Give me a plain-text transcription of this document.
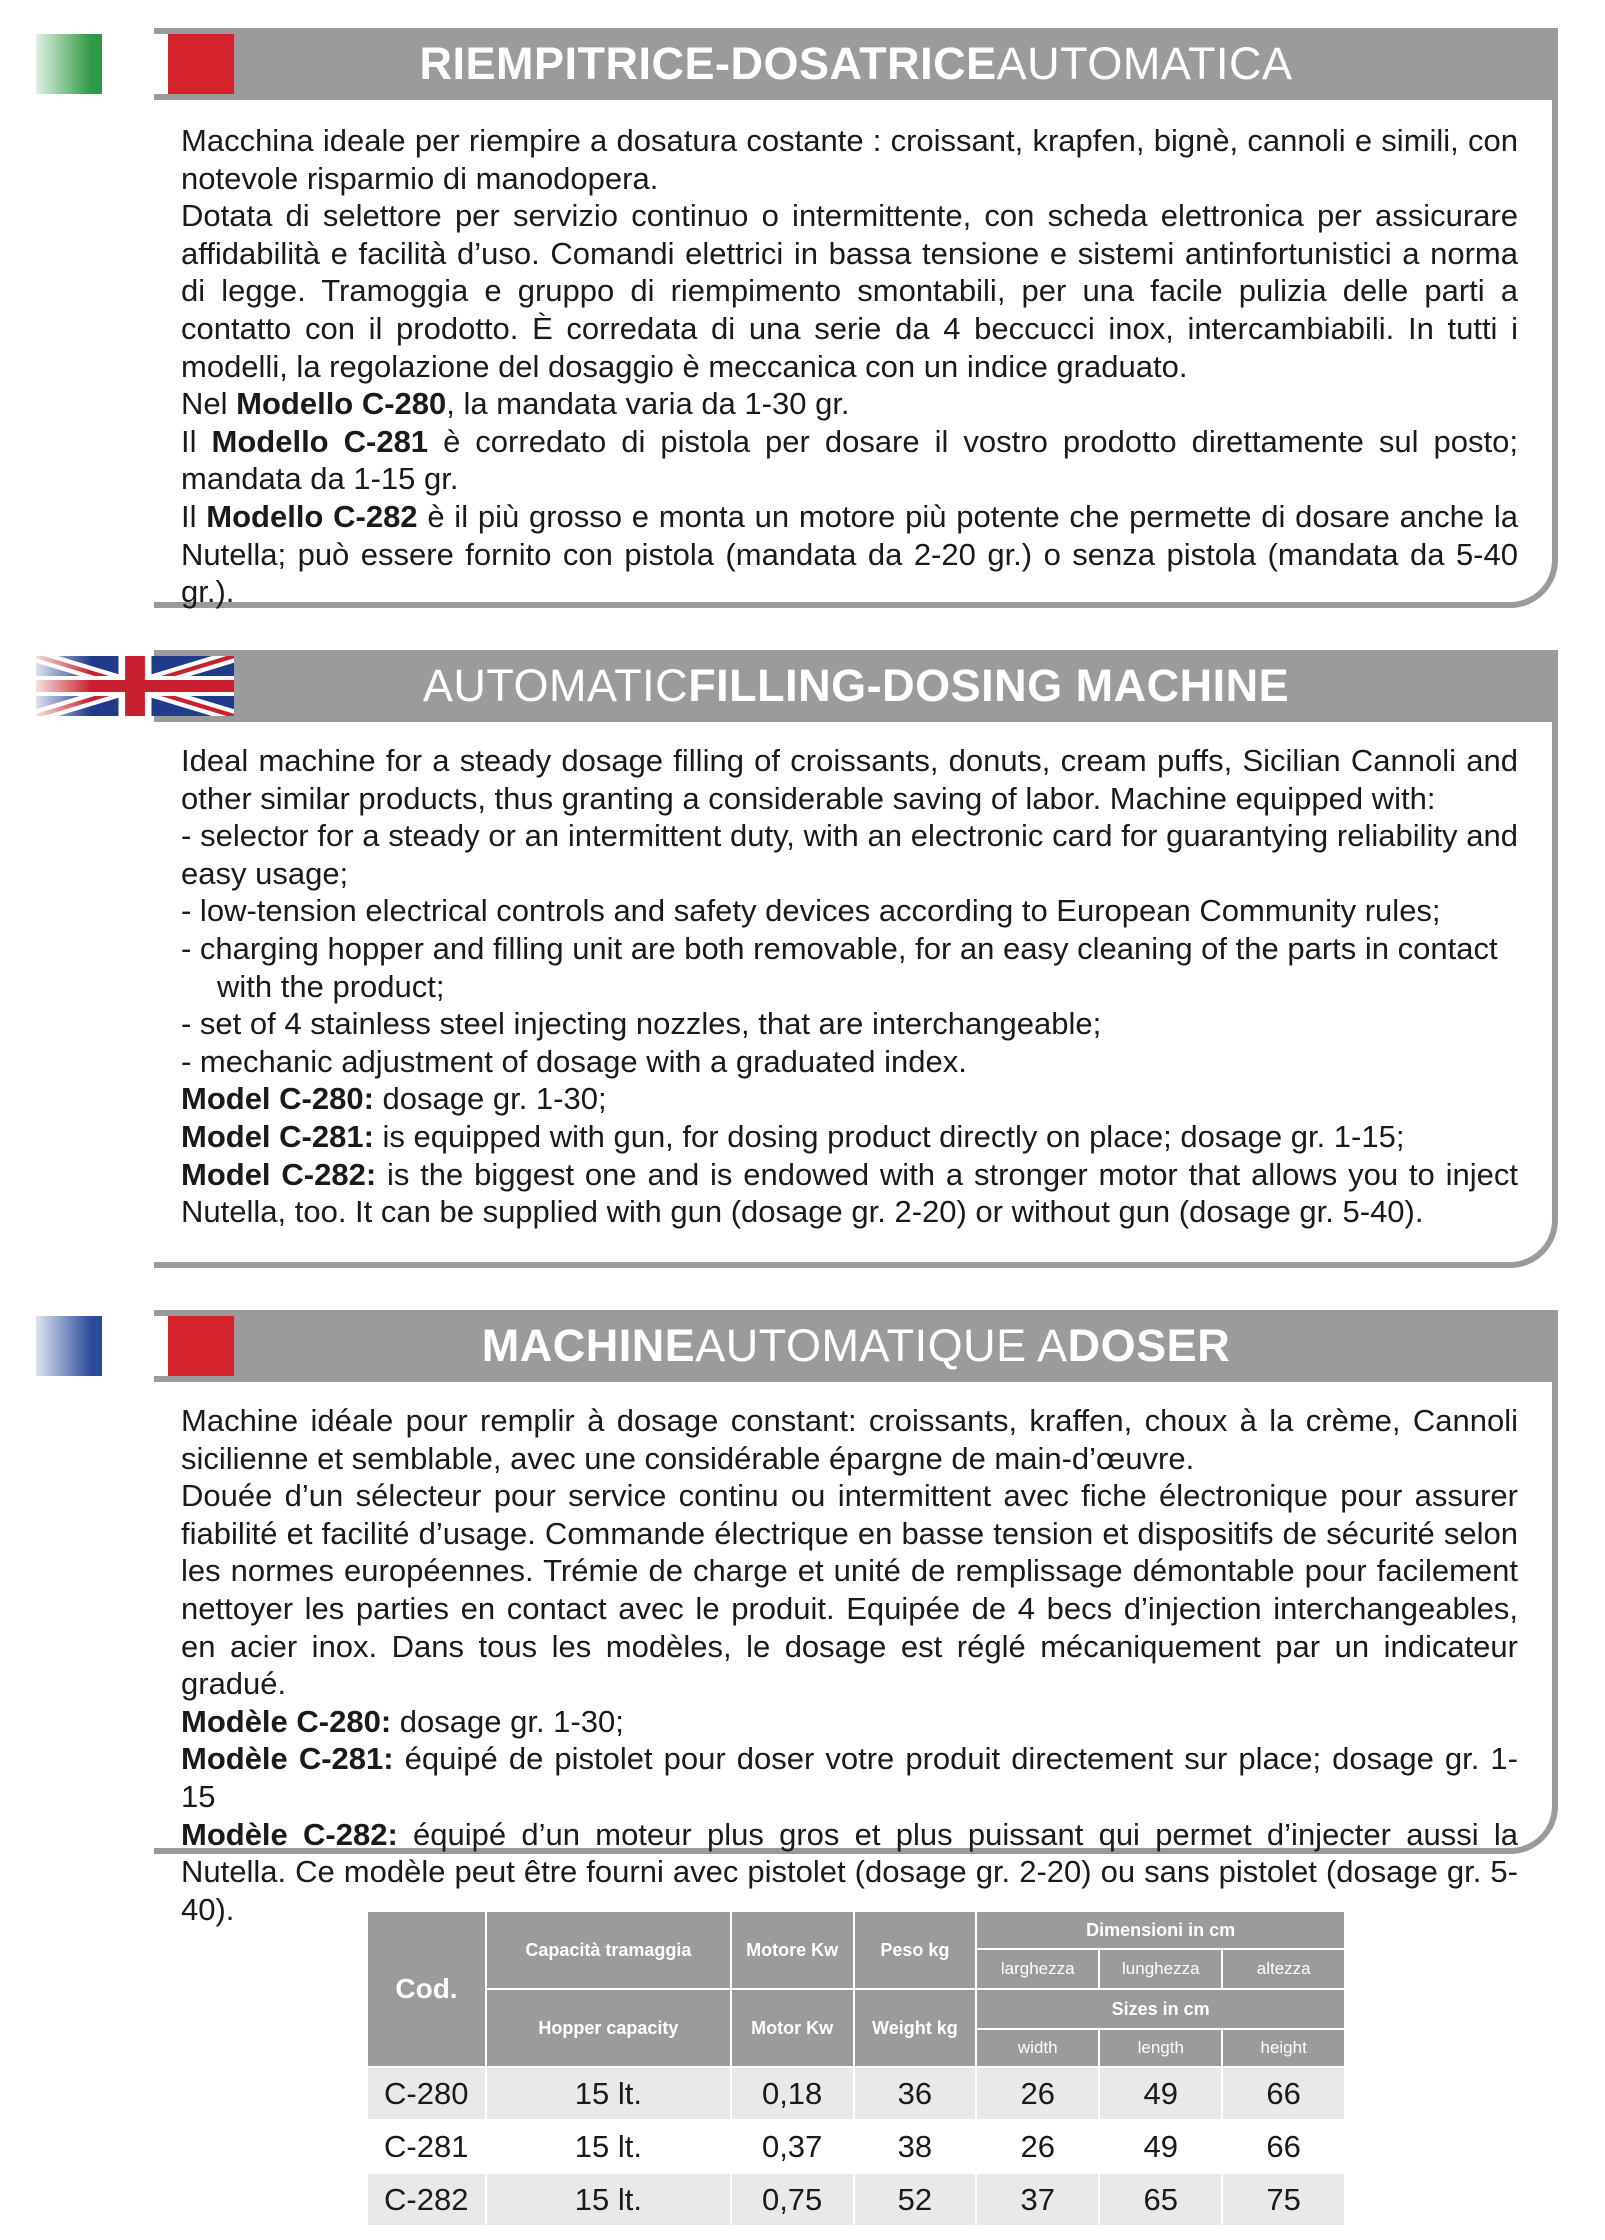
RIEMPITRICE-DOSATRICE AUTOMATICA

Macchina ideale per riempire a dosatura costante : croissant, krapfen, bignè, cannoli e simili, con notevole risparmio di manodopera.

Dotata di selettore per servizio continuo o intermittente, con scheda elettronica per assicurare affidabilità e facilità d’uso. Comandi elettrici in bassa tensione e sistemi antinfortunistici a norma di legge. Tramoggia e gruppo di riempimento smontabili, per una facile pulizia delle parti a contatto con il prodotto. È corredata di una serie da 4 beccucci inox, intercambiabili. In tutti i modelli, la regolazione del dosaggio è meccanica con un indice graduato.

Nel Modello C-280, la mandata varia da 1-30 gr.

Il Modello C-281 è corredato di pistola per dosare il vostro prodotto direttamente sul posto; mandata da 1-15 gr.

Il Modello C-282 è il più grosso e monta un motore più potente che permette di dosare anche la Nutella; può essere fornito con pistola (mandata da 2-20 gr.) o senza pistola (mandata da 5-40 gr.).

AUTOMATIC FILLING-DOSING MACHINE

Ideal machine for a steady dosage filling of croissants, donuts, cream puffs, Sicilian Cannoli and other similar products, thus granting a considerable saving of labor. Machine equipped with:

- selector for a steady or an intermittent duty, with an electronic card for guarantying reliability and easy usage;

- low-tension electrical controls and safety devices according to European Community rules;

- charging hopper and filling unit are both removable, for an easy cleaning of the parts in contact

with the product;

- set of 4 stainless steel injecting nozzles, that are interchangeable;

- mechanic adjustment of dosage with a graduated index.

Model C-280: dosage gr. 1-30;

Model C-281: is equipped with gun, for dosing product directly on place; dosage gr. 1-15;

Model C-282: is the biggest one and is endowed with a stronger motor that allows you to inject Nutella, too. It can be supplied with gun (dosage gr. 2-20) or without gun (dosage gr. 5-40).

MACHINE AUTOMATIQUE A DOSER

Machine idéale pour remplir à dosage constant: croissants, kraffen, choux à la crème, Cannoli sicilienne et semblable, avec une considérable épargne de main-d’œuvre.

Douée d’un sélecteur pour service continu ou intermittent avec fiche électronique pour assurer fiabilité et facilité d’usage. Commande électrique en basse tension et dispositifs de sécurité selon les normes européennes. Trémie de charge et unité de remplissage démontable pour facilement nettoyer les parties en contact avec le produit. Equipée de 4 becs d’injection interchangeables, en acier inox. Dans tous les modèles, le dosage est réglé mécaniquement par un indicateur gradué.

Modèle C-280: dosage gr. 1-30;

Modèle C-281: équipé de pistolet pour doser votre produit directement sur place; dosage gr. 1-15

Modèle C-282: équipé d’un moteur plus gros et plus puissant qui permet d’injecter aussi la Nutella. Ce modèle peut être fourni avec pistolet (dosage gr. 2-20) ou sans pistolet (dosage gr. 5-40).

Cod.	Capacità tramaggia	Motore Kw	Peso kg	Dimensioni in cm		
				larghezza	lunghezza	altezza
	Hopper capacity	Motor Kw	Weight kg	Sizes in cm		
				width	length	height
C-280	15 lt.	0,18	36	26	49	66
C-281	15 lt.	0,37	38	26	49	66
C-282	15 lt.	0,75	52	37	65	75
